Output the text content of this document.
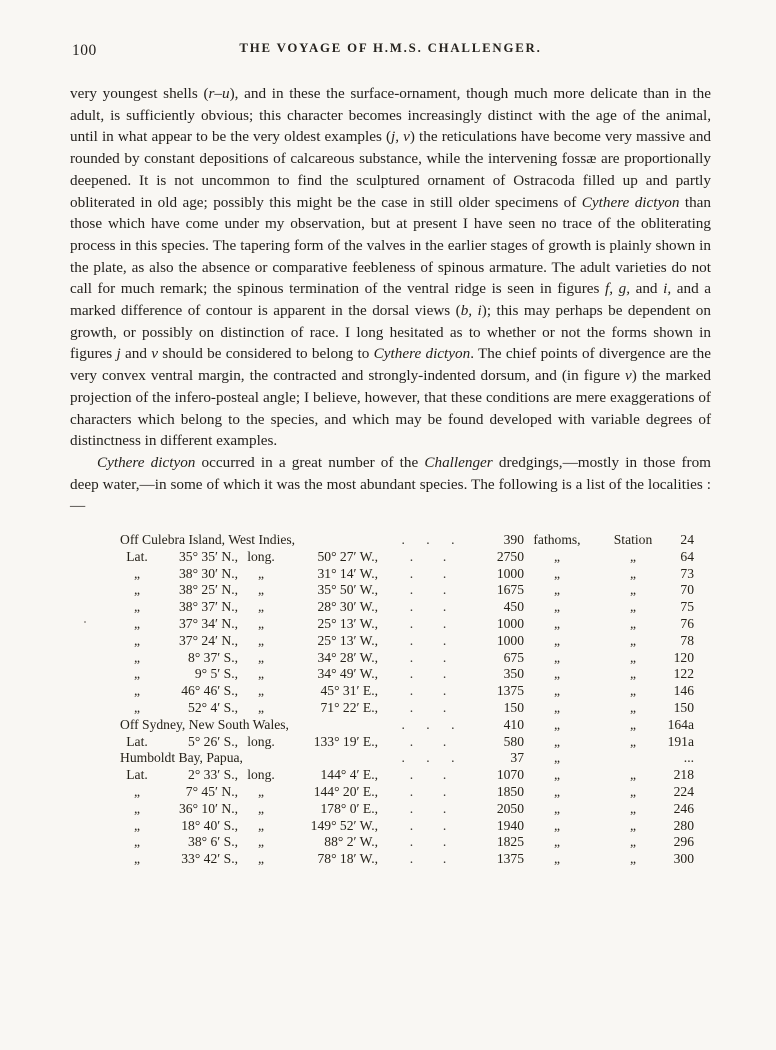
100	THE VOYAGE OF H.M.S. CHALLENGER.

very youngest shells (r–u), and in these the surface-ornament, though much more delicate than in the adult, is sufficiently obvious; this character becomes increasingly distinct with the age of the animal, until in what appear to be the very oldest examples (j, v) the reticulations have become very massive and rounded by constant depositions of calcareous substance, while the intervening fossæ are proportionally deepened. It is not uncommon to find the sculptured ornament of Ostracoda filled up and partly obliterated in old age; possibly this might be the case in still older specimens of Cythere dictyon than those which have come under my observation, but at present I have seen no trace of the obliterating process in this species. The tapering form of the valves in the earlier stages of growth is plainly shown in the plate, as also the absence or comparative feebleness of spinous armature. The adult varieties do not call for much remark; the spinous termination of the ventral ridge is seen in figures f, g, and i, and a marked difference of contour is apparent in the dorsal views (b, i); this may perhaps be dependent on growth, or possibly on distinction of race. I long hesitated as to whether or not the forms shown in figures j and v should be considered to belong to Cythere dictyon. The chief points of divergence are the very convex ventral margin, the contracted and strongly-indented dorsum, and (in figure v) the marked projection of the infero-posteal angle; I believe, however, that these conditions are mere exaggerations of characters which belong to the species, and which may be found developed with variable degrees of distinctness in different examples.

Cythere dictyon occurred in a great number of the Challenger dredgings,—mostly in those from deep water,—in some of which it was the most abundant species. The following is a list of the localities :—

Off Culebra Island, West Indies,	. . .	390 fathoms,	Station	24
Lat.	35° 35′ N., long.	50° 27′ W., . .	2750	„	„	64
„	38° 30′ N.,	„	31° 14′ W., . .	1000	„	„	73
„	38° 25′ N.,	„	35° 50′ W., . .	1675	„	„	70
„	38° 37′ N.,	„	28° 30′ W., . .	450	„	„	75
„	37° 34′ N.,	„	25° 13′ W., . .	1000	„	„	76
„	37° 24′ N.,	„	25° 13′ W., . .	1000	„	„	78
„	8° 37′ S.,	„	34° 28′ W., . .	675	„	„	120
„	9° 5′ S.,	„	34° 49′ W., . .	350	„	„	122
„	46° 46′ S.,	„	45° 31′ E., . .	1375	„	„	146
„	52° 4′ S.,	„	71° 22′ E., . .	150	„	„	150
Off Sydney, New South Wales,	. . .	410	„	„	164a
Lat.	5° 26′ S., long.	133° 19′ E., . .	580	„	„	191a
Humboldt Bay, Papua,	. . .	37	„	...
Lat.	2° 33′ S., long.	144° 4′ E., . .	1070	„	„	218
„	7° 45′ N.,	„	144° 20′ E., . .	1850	„	„	224
„	36° 10′ N.,	„	178° 0′ E., . .	2050	„	„	246
„	18° 40′ S.,	„	149° 52′ W., . .	1940	„	„	280
„	38° 6′ S.,	„	88° 2′ W., . .	1825	„	„	296
„	33° 42′ S.,	„	78° 18′ W., . .	1375	„	„	300
